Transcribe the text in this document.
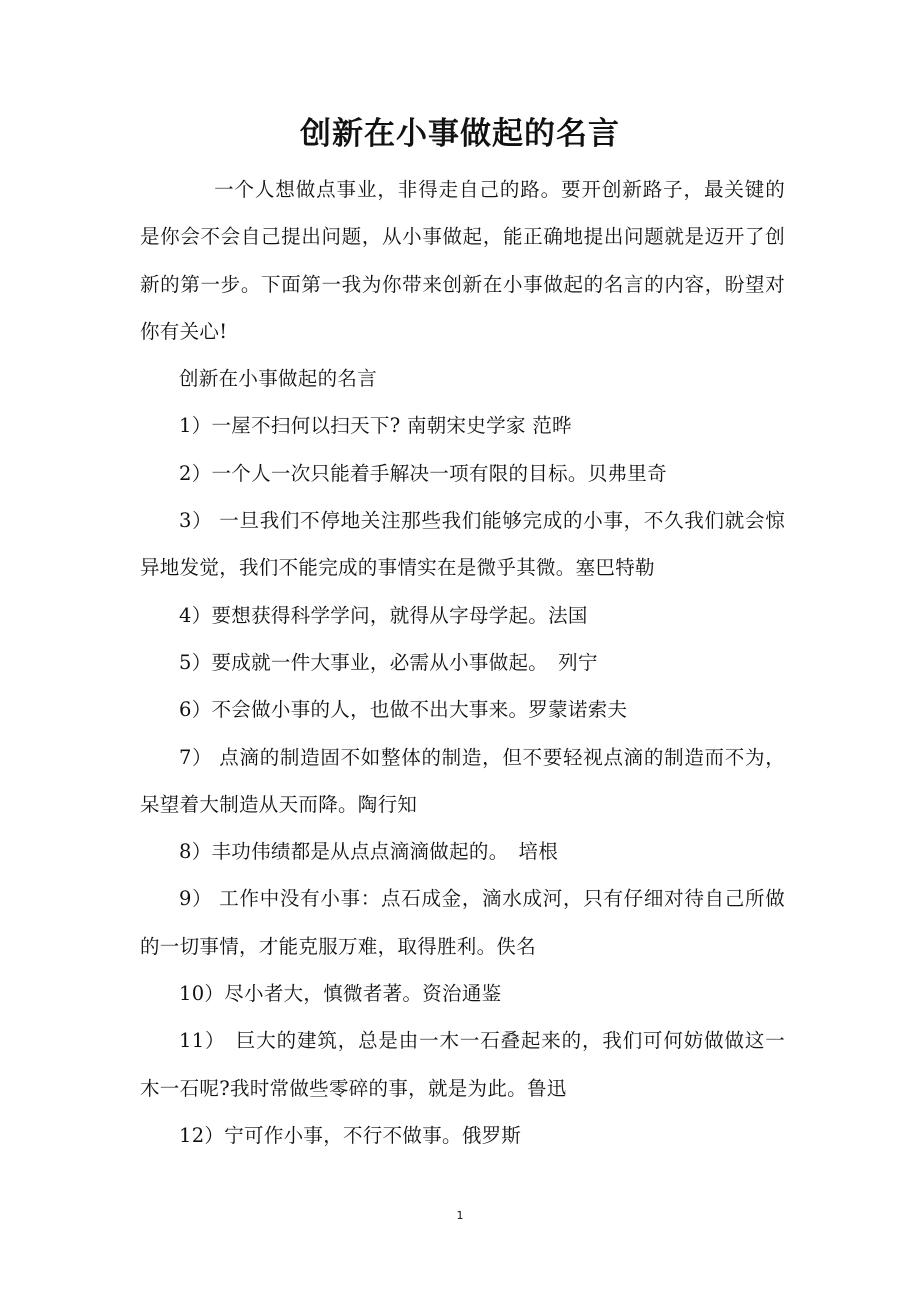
创新在小事做起的名言

一个人想做点事业，非得走自己的路。要开创新路子，最关键的是你会不会自己提出问题，从小事做起，能正确地提出问题就是迈开了创新的第一步。下面第一我为你带来创新在小事做起的名言的内容，盼望对你有关心!

创新在小事做起的名言

1）一屋不扫何以扫天下? 南朝宋史学家 范晔

2）一个人一次只能着手解决一项有限的目标。贝弗里奇

3） 一旦我们不停地关注那些我们能够完成的小事，不久我们就会惊异地发觉，我们不能完成的事情实在是微乎其微。塞巴特勒

4）要想获得科学学问，就得从字母学起。法国

5）要成就一件大事业，必需从小事做起。　列宁

6）不会做小事的人，也做不出大事来。罗蒙诺索夫

7） 点滴的制造固不如整体的制造，但不要轻视点滴的制造而不为，呆望着大制造从天而降。陶行知

8）丰功伟绩都是从点点滴滴做起的。　培根

9） 工作中没有小事：点石成金，滴水成河，只有仔细对待自己所做的一切事情，才能克服万难，取得胜利。佚名

10）尽小者大，慎微者著。资治通鉴

11）　巨大的建筑，总是由一木一石叠起来的，我们可何妨做做这一木一石呢?我时常做些零碎的事，就是为此。鲁迅

12）宁可作小事，不行不做事。俄罗斯

1
